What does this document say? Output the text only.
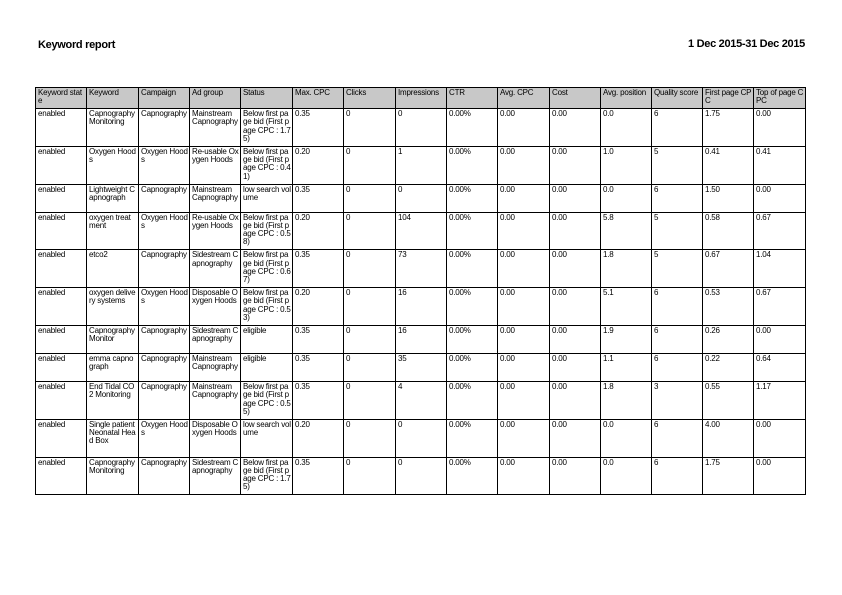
Keyword report	1 Dec 2015-31 Dec 2015
Keyword state	Keyword	Campaign	Ad group	Status	Max. CPC	Clicks	Impressions	CTR	Avg. CPC	Cost	Avg. position	Quality score	First page CPC	Top of page CPC
enabled	Capnography Monitoring	Capnography	Mainstream Capnography	Below first page bid (First page CPC : 1.75)	0.35	0	0	0.00%	0.00	0.00	0.0	6	1.75	0.00
enabled	Oxygen Hoods	Oxygen Hoods	Re-usable Oxygen Hoods	Below first page bid (First page CPC : 0.41)	0.20	0	1	0.00%	0.00	0.00	1.0	5	0.41	0.41
enabled	Lightweight Capnograph	Capnography	Mainstream Capnography	low search volume	0.35	0	0	0.00%	0.00	0.00	0.0	6	1.50	0.00
enabled	oxygen treatment	Oxygen Hoods	Re-usable Oxygen Hoods	Below first page bid (First page CPC : 0.58)	0.20	0	104	0.00%	0.00	0.00	5.8	5	0.58	0.67
enabled	etco2	Capnography	Sidestream Capnography	Below first page bid (First page CPC : 0.67)	0.35	0	73	0.00%	0.00	0.00	1.8	5	0.67	1.04
enabled	oxygen delivery systems	Oxygen Hoods	Disposable Oxygen Hoods	Below first page bid (First page CPC : 0.53)	0.20	0	16	0.00%	0.00	0.00	5.1	6	0.53	0.67
enabled	Capnography Monitor	Capnography	Sidestream Capnography	eligible	0.35	0	16	0.00%	0.00	0.00	1.9	6	0.26	0.00
enabled	emma capnograph	Capnography	Mainstream Capnography	eligible	0.35	0	35	0.00%	0.00	0.00	1.1	6	0.22	0.64
enabled	End Tidal CO2 Monitoring	Capnography	Mainstream Capnography	Below first page bid (First page CPC : 0.55)	0.35	0	4	0.00%	0.00	0.00	1.8	3	0.55	1.17
enabled	Single patient Neonatal Head Box	Oxygen Hoods	Disposable Oxygen Hoods	low search volume	0.20	0	0	0.00%	0.00	0.00	0.0	6	4.00	0.00
enabled	Capnography Monitoring	Capnography	Sidestream Capnography	Below first page bid (First page CPC : 1.75)	0.35	0	0	0.00%	0.00	0.00	0.0	6	1.75	0.00
